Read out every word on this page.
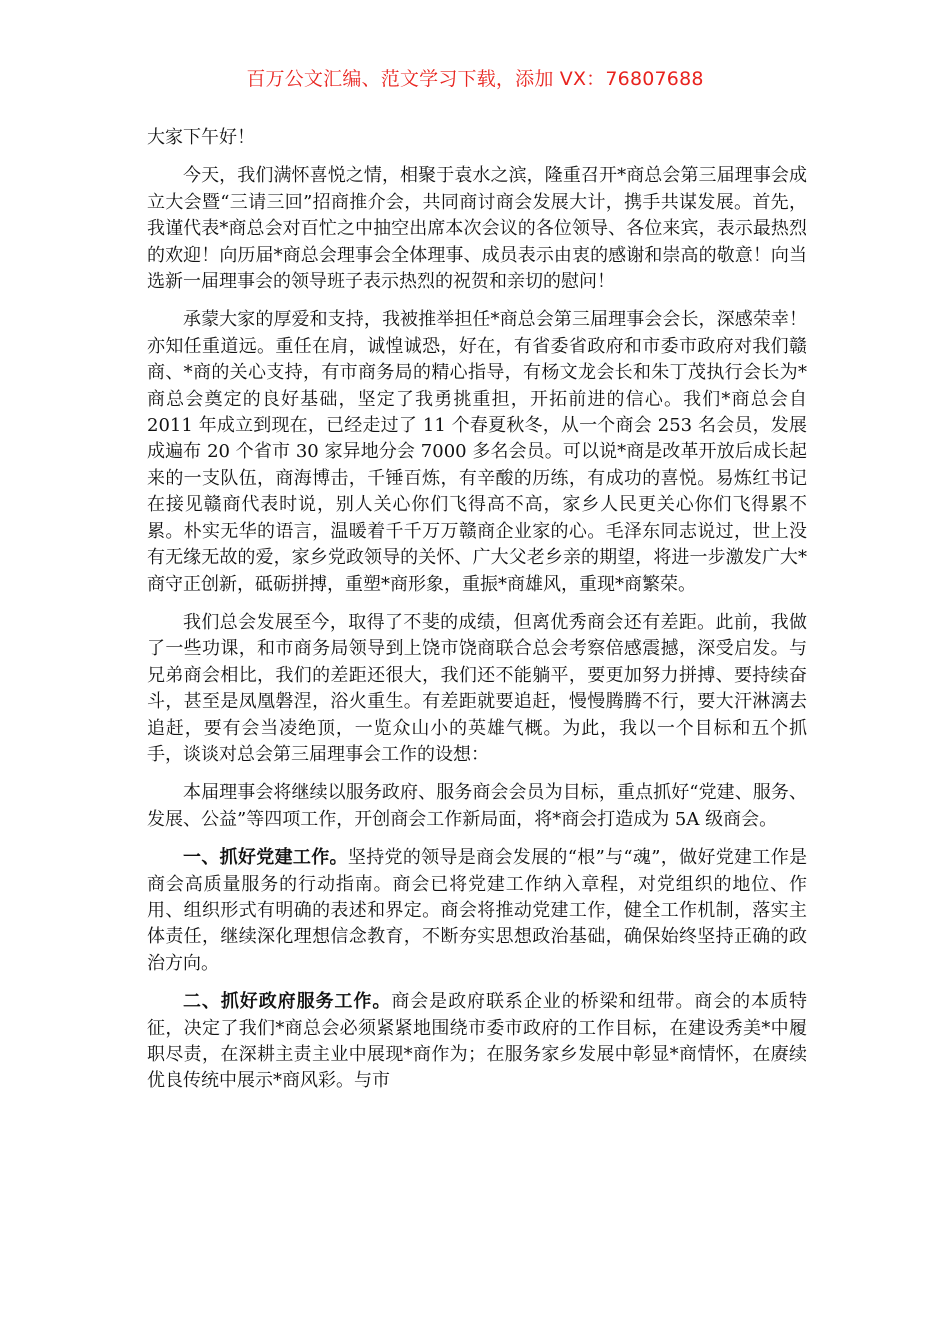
百万公文汇编、范文学习下载，添加 VX：76807688

大家下午好！

今天，我们满怀喜悦之情，相聚于袁水之滨，隆重召开*商总会第三届理事会成立大会暨“三请三回”招商推介会，共同商讨商会发展大计，携手共谋发展。首先，我谨代表*商总会对百忙之中抽空出席本次会议的各位领导、各位来宾，表示最热烈的欢迎！向历届*商总会理事会全体理事、成员表示由衷的感谢和崇高的敬意！向当选新一届理事会的领导班子表示热烈的祝贺和亲切的慰问！

承蒙大家的厚爱和支持，我被推举担任*商总会第三届理事会会长，深感荣幸！亦知任重道远。重任在肩，诚惶诚恐，好在，有省委省政府和市委市政府对我们赣商、*商的关心支持，有市商务局的精心指导，有杨文龙会长和朱丁茂执行会长为*商总会奠定的良好基础，坚定了我勇挑重担，开拓前进的信心。我们*商总会自 2011 年成立到现在，已经走过了 11 个春夏秋冬，从一个商会 253 名会员，发展成遍布 20 个省市 30 家异地分会 7000 多名会员。可以说*商是改革开放后成长起来的一支队伍，商海博击，千锤百炼，有辛酸的历练，有成功的喜悦。易炼红书记在接见赣商代表时说，别人关心你们飞得高不高，家乡人民更关心你们飞得累不累。朴实无华的语言，温暖着千千万万赣商企业家的心。毛泽东同志说过，世上没有无缘无故的爱，家乡党政领导的关怀、广大父老乡亲的期望，将进一步激发广大*商守正创新，砥砺拼搏，重塑*商形象，重振*商雄风，重现*商繁荣。

我们总会发展至今，取得了不斐的成绩，但离优秀商会还有差距。此前，我做了一些功课，和市商务局领导到上饶市饶商联合总会考察倍感震撼，深受启发。与兄弟商会相比，我们的差距还很大，我们还不能躺平，要更加努力拼搏、要持续奋斗，甚至是凤凰磐涅，浴火重生。有差距就要追赶，慢慢腾腾不行，要大汗淋漓去追赶，要有会当凌绝顶，一览众山小的英雄气概。为此，我以一个目标和五个抓手，谈谈对总会第三届理事会工作的设想：

本届理事会将继续以服务政府、服务商会会员为目标，重点抓好“党建、服务、发展、公益”等四项工作，开创商会工作新局面，将*商会打造成为 5A 级商会。

一、抓好党建工作。坚持党的领导是商会发展的“根”与“魂”，做好党建工作是商会高质量服务的行动指南。商会已将党建工作纳入章程，对党组织的地位、作用、组织形式有明确的表述和界定。商会将推动党建工作，健全工作机制，落实主体责任，继续深化理想信念教育，不断夯实思想政治基础，确保始终坚持正确的政治方向。

二、抓好政府服务工作。商会是政府联系企业的桥梁和纽带。商会的本质特征，决定了我们*商总会必须紧紧地围绕市委市政府的工作目标，在建设秀美*中履职尽责，在深耕主责主业中展现*商作为；在服务家乡发展中彰显*商情怀，在赓续优良传统中展示*商风彩。与市
